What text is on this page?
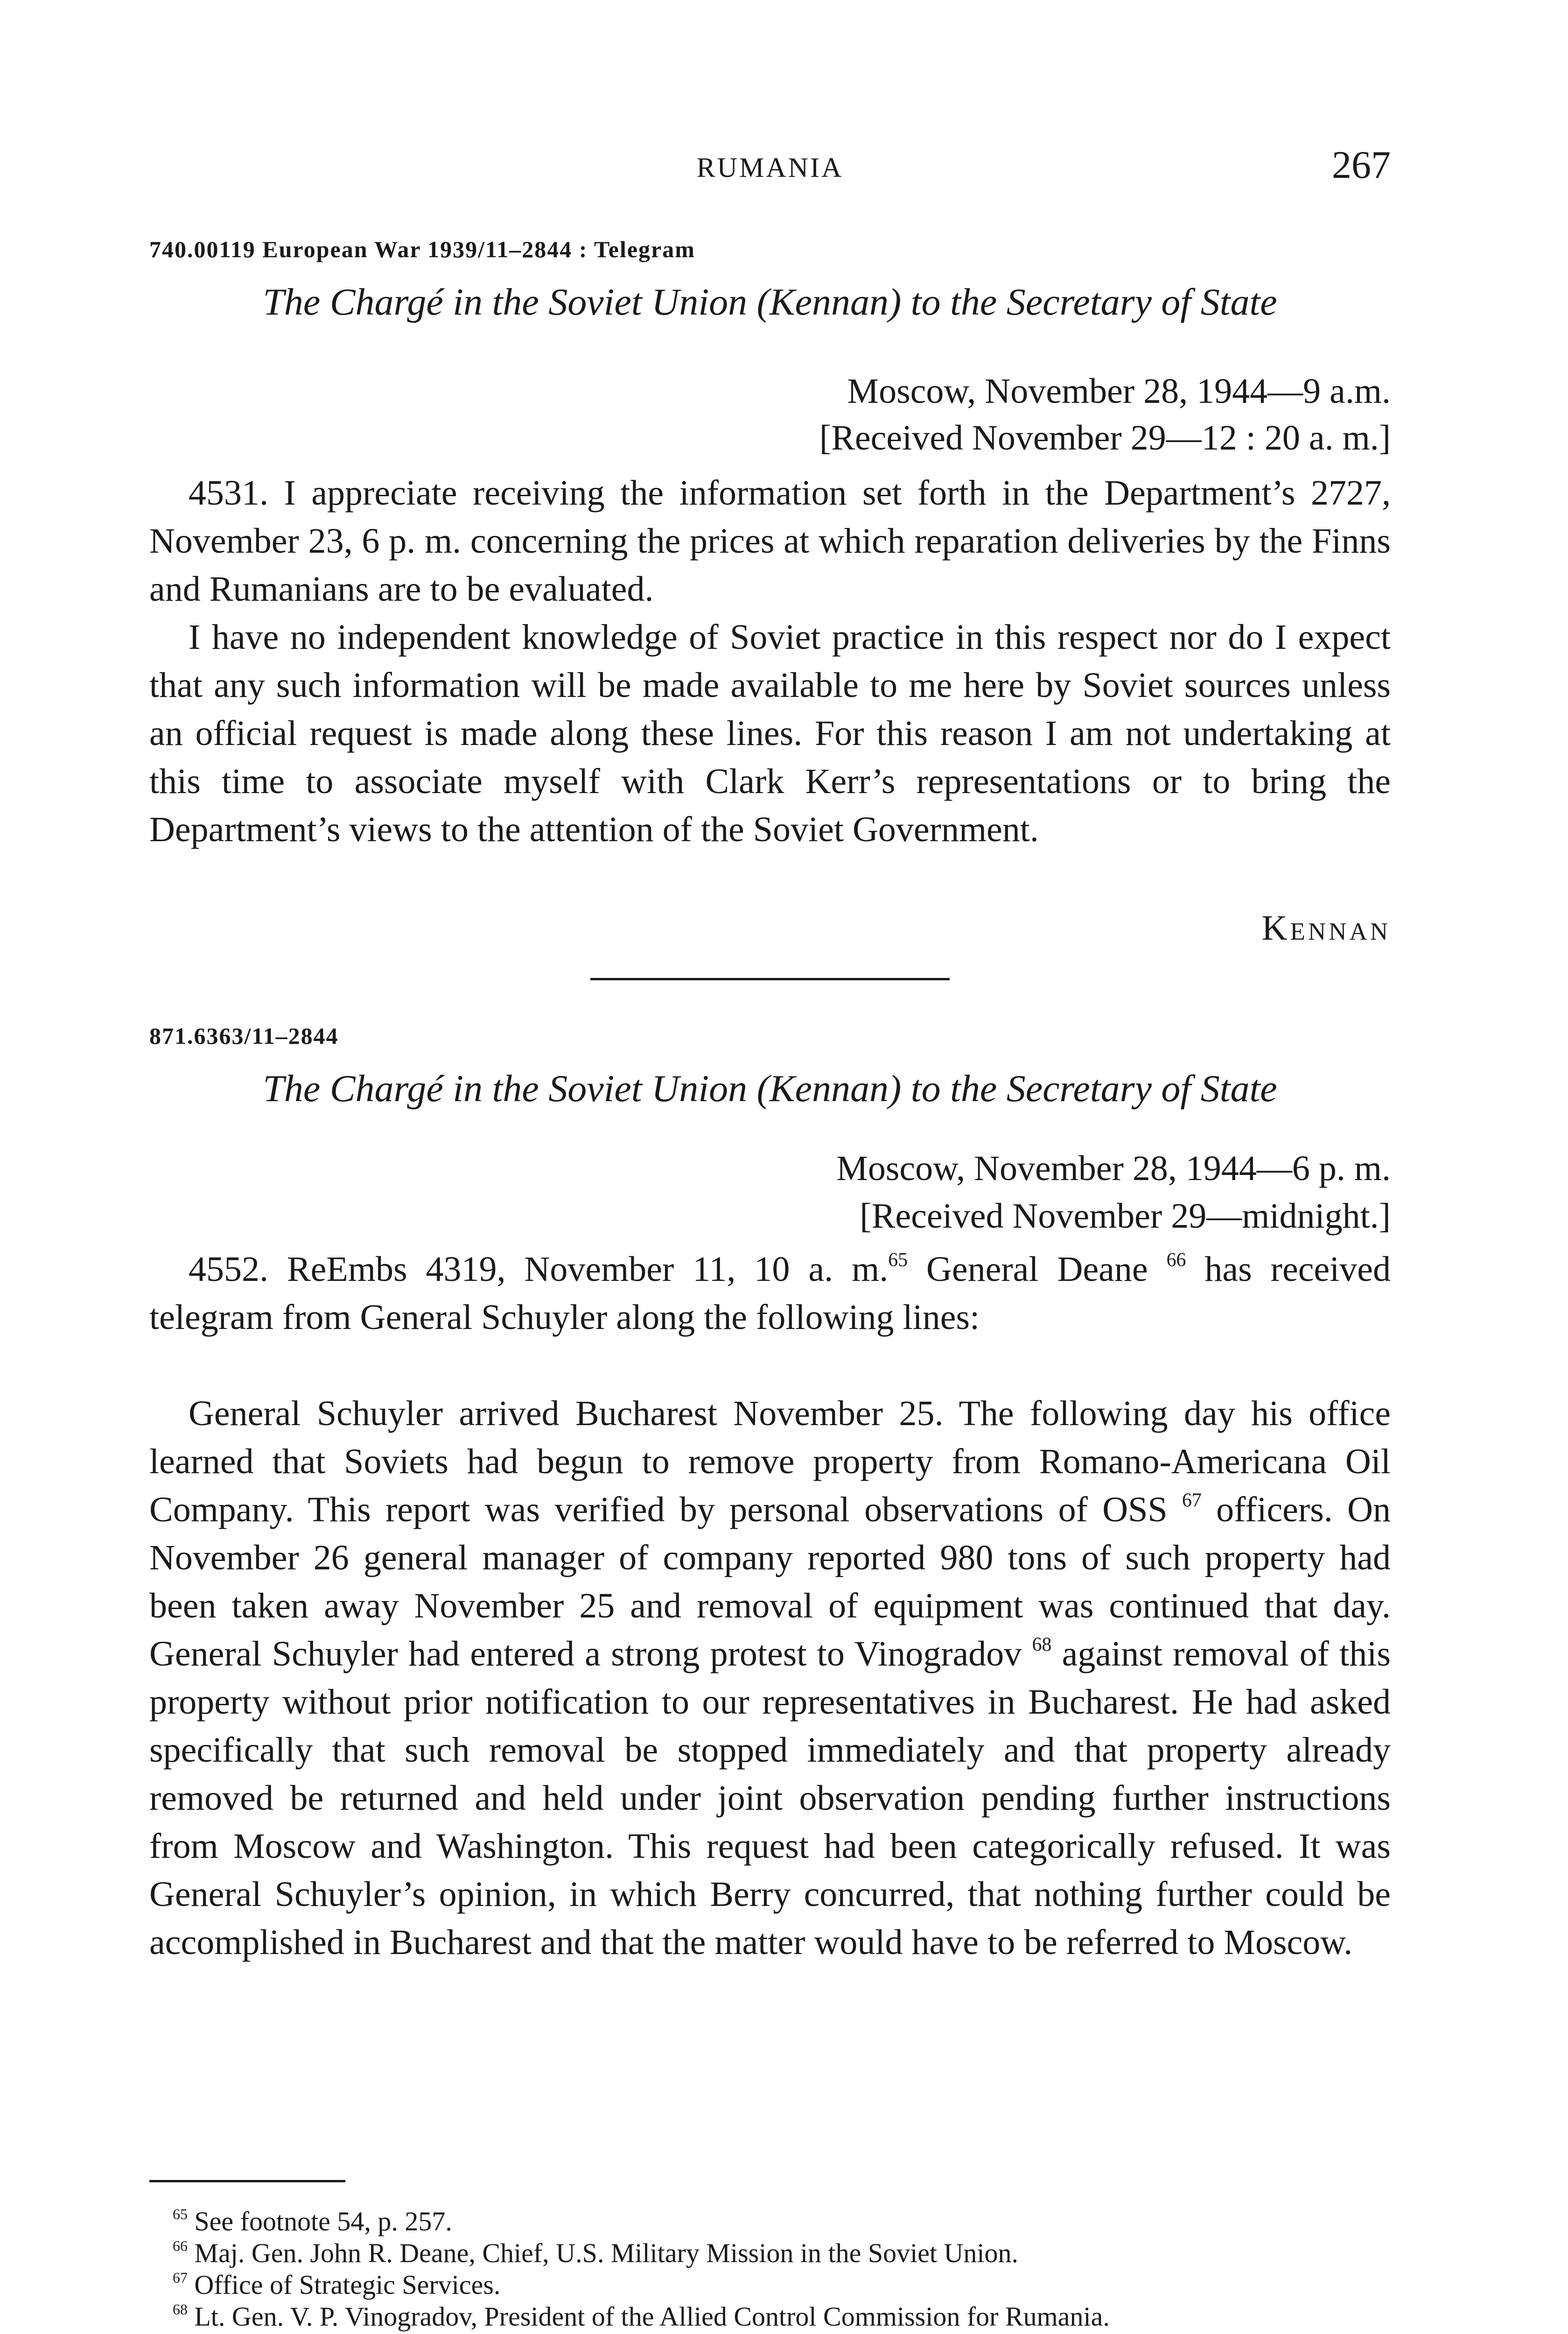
RUMANIA	267
740.00119 European War 1939/11–2844 : Telegram
The Chargé in the Soviet Union (Kennan) to the Secretary of State
Moscow, November 28, 1944—9 a.m.
[Received November 29—12 : 20 a. m.]

4531. I appreciate receiving the information set forth in the Department’s 2727, November 23, 6 p. m. concerning the prices at which reparation deliveries by the Finns and Rumanians are to be evaluated.

I have no independent knowledge of Soviet practice in this respect nor do I expect that any such information will be made available to me here by Soviet sources unless an official request is made along these lines. For this reason I am not undertaking at this time to associate myself with Clark Kerr’s representations or to bring the Department’s views to the attention of the Soviet Government.

Kennan
871.6363/11–2844
The Chargé in the Soviet Union (Kennan) to the Secretary of State
Moscow, November 28, 1944—6 p. m.
[Received November 29—midnight.]

4552. ReEmbs 4319, November 11, 10 a. m.$^{65}$ General Deane $^{66}$ has received telegram from General Schuyler along the following lines:

General Schuyler arrived Bucharest November 25. The following day his office learned that Soviets had begun to remove property from Romano-Americana Oil Company. This report was verified by personal observations of OSS $^{67}$ officers. On November 26 general manager of company reported 980 tons of such property had been taken away November 25 and removal of equipment was continued that day. General Schuyler had entered a strong protest to Vinogradov $^{68}$ against removal of this property without prior notification to our representatives in Bucharest. He had asked specifically that such removal be stopped immediately and that property already removed be returned and held under joint observation pending further instructions from Moscow and Washington. This request had been categorically refused. It was General Schuyler’s opinion, in which Berry concurred, that nothing further could be accomplished in Bucharest and that the matter would have to be referred to Moscow.

$^{65}$ See footnote 54, p. 257.

$^{66}$ Maj. Gen. John R. Deane, Chief, U.S. Military Mission in the Soviet Union.

$^{67}$ Office of Strategic Services.

$^{68}$ Lt. Gen. V. P. Vinogradov, President of the Allied Control Commission for Rumania.
